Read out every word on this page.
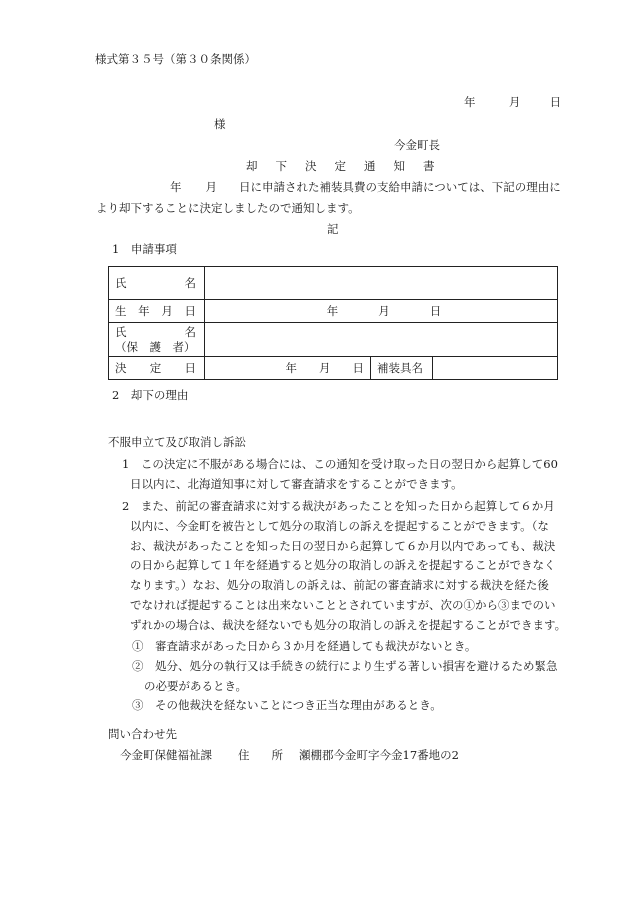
様式第３５号（第３０条関係）
年	月	日
様
今金町長
却 下 決 定 通 知 書
年 月 日に申請された補装具費の支給申請については、下記の理由に
より却下することに決定しましたので通知します。
記
1　申請事項
氏 名			

生 年 月 日	年 月 日		

氏 名
（保　護　者）			

決 定 日	年 月 日	補装具名	
2　却下の理由
不服申立て及び取消し訴訟

1　この決定に不服がある場合には、この通知を受け取った日の翌日から起算して60

日以内に、北海道知事に対して審査請求をすることができます。

2　また、前記の審査請求に対する裁決があったことを知った日から起算して６か月

以内に、今金町を被告として処分の取消しの訴えを提起することができます。（な

お、裁決があったことを知った日の翌日から起算して６か月以内であっても、裁決

の日から起算して１年を経過すると処分の取消しの訴えを提起することができなく

なります。）なお、処分の取消しの訴えは、前記の審査請求に対する裁決を経た後

でなければ提起することは出来ないこととされていますが、次の①から③までのい

ずれかの場合は、裁決を経ないでも処分の取消しの訴えを提起することができます。

①　審査請求があった日から３か月を経過しても裁決がないとき。

②　処分、処分の執行又は手続きの続行により生ずる著しい損害を避けるため緊急

の必要があるとき。

③　その他裁決を経ないことにつき正当な理由があるとき。

問い合わせ先
今金町保健福祉課 住 所 瀬棚郡今金町字今金17番地の2
